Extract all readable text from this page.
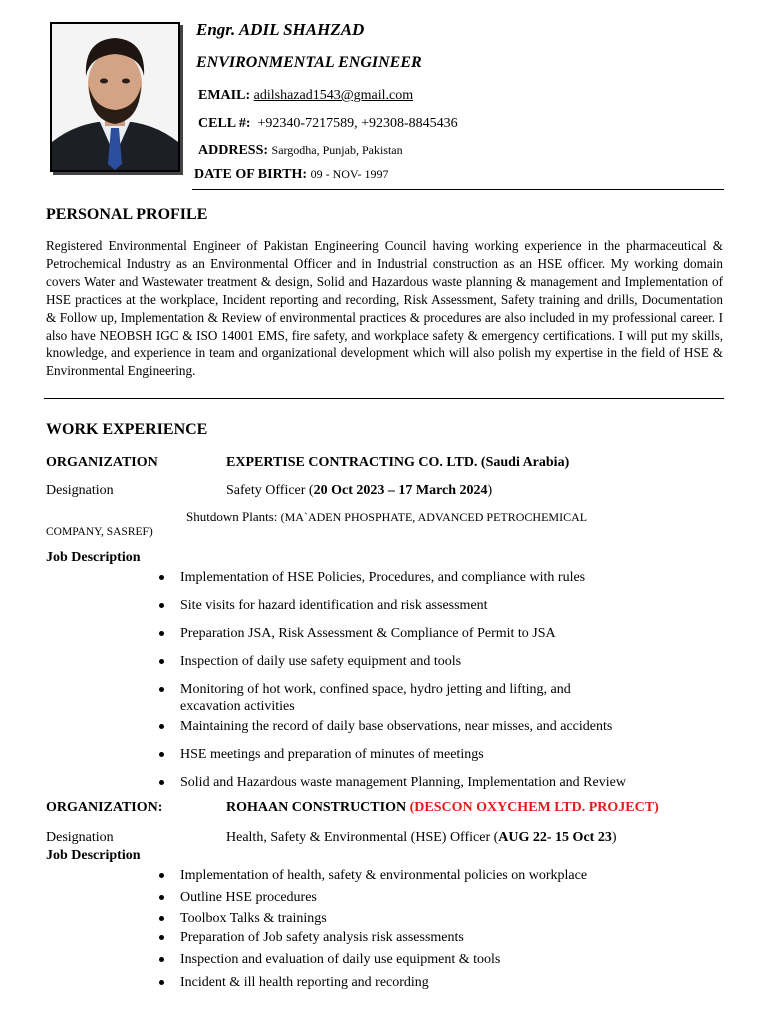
Engr. ADIL SHAHZAD
ENVIRONMENTAL ENGINEER
EMAIL: adilshazad1543@gmail.com
CELL #: +92340-7217589, +92308-8845436
ADDRESS: Sargodha, Punjab, Pakistan
DATE OF BIRTH: 09 - NOV- 1997
PERSONAL PROFILE
Registered Environmental Engineer of Pakistan Engineering Council having working experience in the pharmaceutical & Petrochemical Industry as an Environmental Officer and in Industrial construction as an HSE officer. My working domain covers Water and Wastewater treatment & design, Solid and Hazardous waste planning & management and Implementation of HSE practices at the workplace, Incident reporting and recording, Risk Assessment, Safety training and drills, Documentation & Follow up, Implementation & Review of environmental practices & procedures are also included in my professional career. I also have NEOBSH IGC & ISO 14001 EMS, fire safety, and workplace safety & emergency certifications. I will put my skills, knowledge, and experience in team and organizational development which will also polish my expertise in the field of HSE & Environmental Engineering.
WORK EXPERIENCE
ORGANIZATION	EXPERTISE CONTRACTING CO. LTD. (Saudi Arabia)
Designation	Safety Officer (20 Oct 2023 – 17 March 2024)
Shutdown Plants: (MA`ADEN PHOSPHATE, ADVANCED PETROCHEMICAL
COMPANY, SASREF)
Job Description
Implementation of HSE Policies, Procedures, and compliance with rules
Site visits for hazard identification and risk assessment
Preparation JSA, Risk Assessment & Compliance of Permit to JSA
Inspection of daily use safety equipment and tools
Monitoring of hot work, confined space, hydro jetting and lifting, and excavation activities
Maintaining the record of daily base observations, near misses, and accidents
HSE meetings and preparation of minutes of meetings
Solid and Hazardous waste management Planning, Implementation and Review
ORGANIZATION:	ROHAAN CONSTRUCTION (DESCON OXYCHEM LTD. PROJECT)
Designation	Health, Safety & Environmental (HSE) Officer (AUG 22- 15 Oct 23)
Job Description
Implementation of health, safety & environmental policies on workplace
Outline HSE procedures
Toolbox Talks & trainings
Preparation of Job safety analysis risk assessments
Inspection and evaluation of daily use equipment & tools
Incident & ill health reporting and recording
